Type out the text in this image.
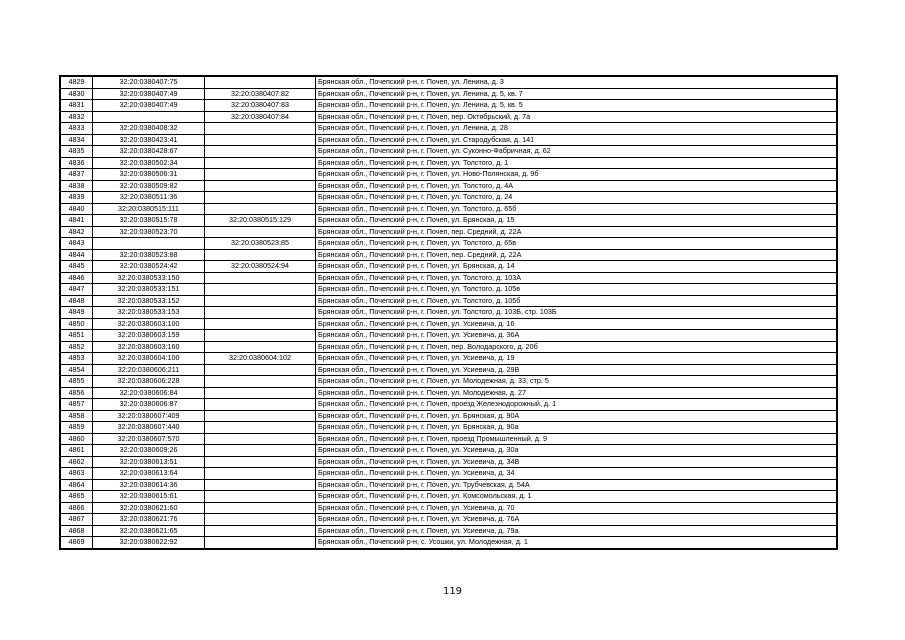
4829	32:20:0380407:75		Брянская обл., Почепский р-н, г. Почеп, ул. Ленина, д. 3
4830	32:20:0380407:49	32:20:0380407:82	Брянская обл., Почепский р-н, г. Почеп, ул. Ленина, д. 5, кв. 7
4831	32:20:0380407:49	32:20:0380407:83	Брянская обл., Почепский р-н, г. Почеп, ул. Ленина, д. 5, кв. 5
4832		32:20:0380407:84	Брянская обл., Почепский р-н, г. Почеп, пер. Октябрьский, д. 7а
4833	32:20:0380408:32		Брянская обл., Почепский р-н, г. Почеп, ул. Ленина, д. 28
4834	32:20:0380423:41		Брянская обл., Почепский р-н, г. Почеп, ул. Стародубская, д. 141
4835	32:20:0380428:67		Брянская обл., Почепский р-н, г. Почеп, ул. Суконно-Фабричная, д. 62
4836	32:20:0380502:34		Брянская обл., Почепский р-н, г. Почеп, ул. Толстого, д. 1
4837	32:20:0380506:31		Брянская обл., Почепский р-н, г. Почеп, ул. Ново-Полянская, д. 9б
4838	32:20:0380509:82		Брянская обл., Почепский р-н, г. Почеп, ул. Толстого, д. 4А
4839	32:20:0380511:36		Брянская обл., Почепский р-н, г. Почеп, ул. Толстого, д. 24
4840	32:20:0380515:111		Брянская обл., Почепский р-н, г. Почеп, ул. Толстого, д. 65б
4841	32:20:0380515:78	32:20:0380515:129	Брянская обл., Почепский р-н, г. Почеп, ул. Брянская, д. 15
4842	32:20:0380523:70		Брянская обл., Почепский р-н, г. Почеп, пер. Средний, д. 22А
4843		32:20:0380523:85	Брянская обл., Почепский р-н, г. Почеп, ул. Толстого, д. 65в
4844	32:20:0380523:88		Брянская обл., Почепский р-н, г. Почеп, пер. Средний, д. 22А
4845	32:20:0380524:42	32:20:0380524:94	Брянская обл., Почепский р-н, г. Почеп, ул. Брянская, д. 14
4846	32:20:0380533:150		Брянская обл., Почепский р-н, г. Почеп, ул. Толстого, д. 103А
4847	32:20:0380533:151		Брянская обл., Почепский р-н, г. Почеп, ул. Толстого, д. 105в
4848	32:20:0380533:152		Брянская обл., Почепский р-н, г. Почеп, ул. Толстого, д. 105б
4849	32:20:0380533:153		Брянская обл., Почепский р-н, г. Почеп, ул. Толстого, д. 103Б, стр. 103Б
4850	32:20:0380603:100		Брянская обл., Почепский р-н, г. Почеп, ул. Усиевича, д. 16
4851	32:20:0380603:159		Брянская обл., Почепский р-н, г. Почеп, ул. Усиевича, д. 36А
4852	32:20:0380603:160		Брянская обл., Почепский р-н, г. Почеп, пер. Володарского, д. 20б
4853	32:20:0380604:100	32:20:0380604:102	Брянская обл., Почепский р-н, г. Почеп, ул. Усиевича, д. 19
4854	32:20:0380606:211		Брянская обл., Почепский р-н, г. Почеп, ул. Усиевича, д. 29В
4855	32:20:0380606:228		Брянская обл., Почепский р-н, г. Почеп, ул. Молодежная, д. 33, стр. 5
4856	32:20:0380606:84		Брянская обл., Почепский р-н, г. Почеп, ул. Молодежная, д. 27
4857	32:20:0380606:87		Брянская обл., Почепский р-н, г. Почеп, проезд Железнодорожный, д. 1
4858	32:20:0380607:409		Брянская обл., Почепский р-н, г. Почеп, ул. Брянская, д. 90А
4859	32:20:0380607:440		Брянская обл., Почепский р-н, г. Почеп, ул. Брянская, д. 90а
4860	32:20:0380607:570		Брянская обл., Почепский р-н, г. Почеп, проезд Промышленный, д. 9
4861	32:20:0380609:26		Брянская обл., Почепский р-н, г. Почеп, ул. Усиевича, д. 30а
4862	32:20:0380613:51		Брянская обл., Почепский р-н, г. Почеп, ул. Усиевича, д. 34В
4863	32:20:0380613:64		Брянская обл., Почепский р-н, г. Почеп, ул. Усиевича, д. 34
4864	32:20:0380614:36		Брянская обл., Почепский р-н, г. Почеп, ул. Трубчевская, д. 54А
4865	32:20:0380615:61		Брянская обл., Почепский р-н, г. Почеп, ул. Комсомольская, д. 1
4866	32:20:0380621:60		Брянская обл., Почепский р-н, г. Почеп, ул. Усиевича, д. 70
4867	32:20:0380621:76		Брянская обл., Почепский р-н, г. Почеп, ул. Усиевича, д. 76А
4868	32:20:0380621:65		Брянская обл., Почепский р-н, г. Почеп, ул. Усиевича, д. 79а
4869	32:20:0380622:92		Брянская обл., Почепский р-н, с. Усошки, ул. Молодежная, д. 1
119
